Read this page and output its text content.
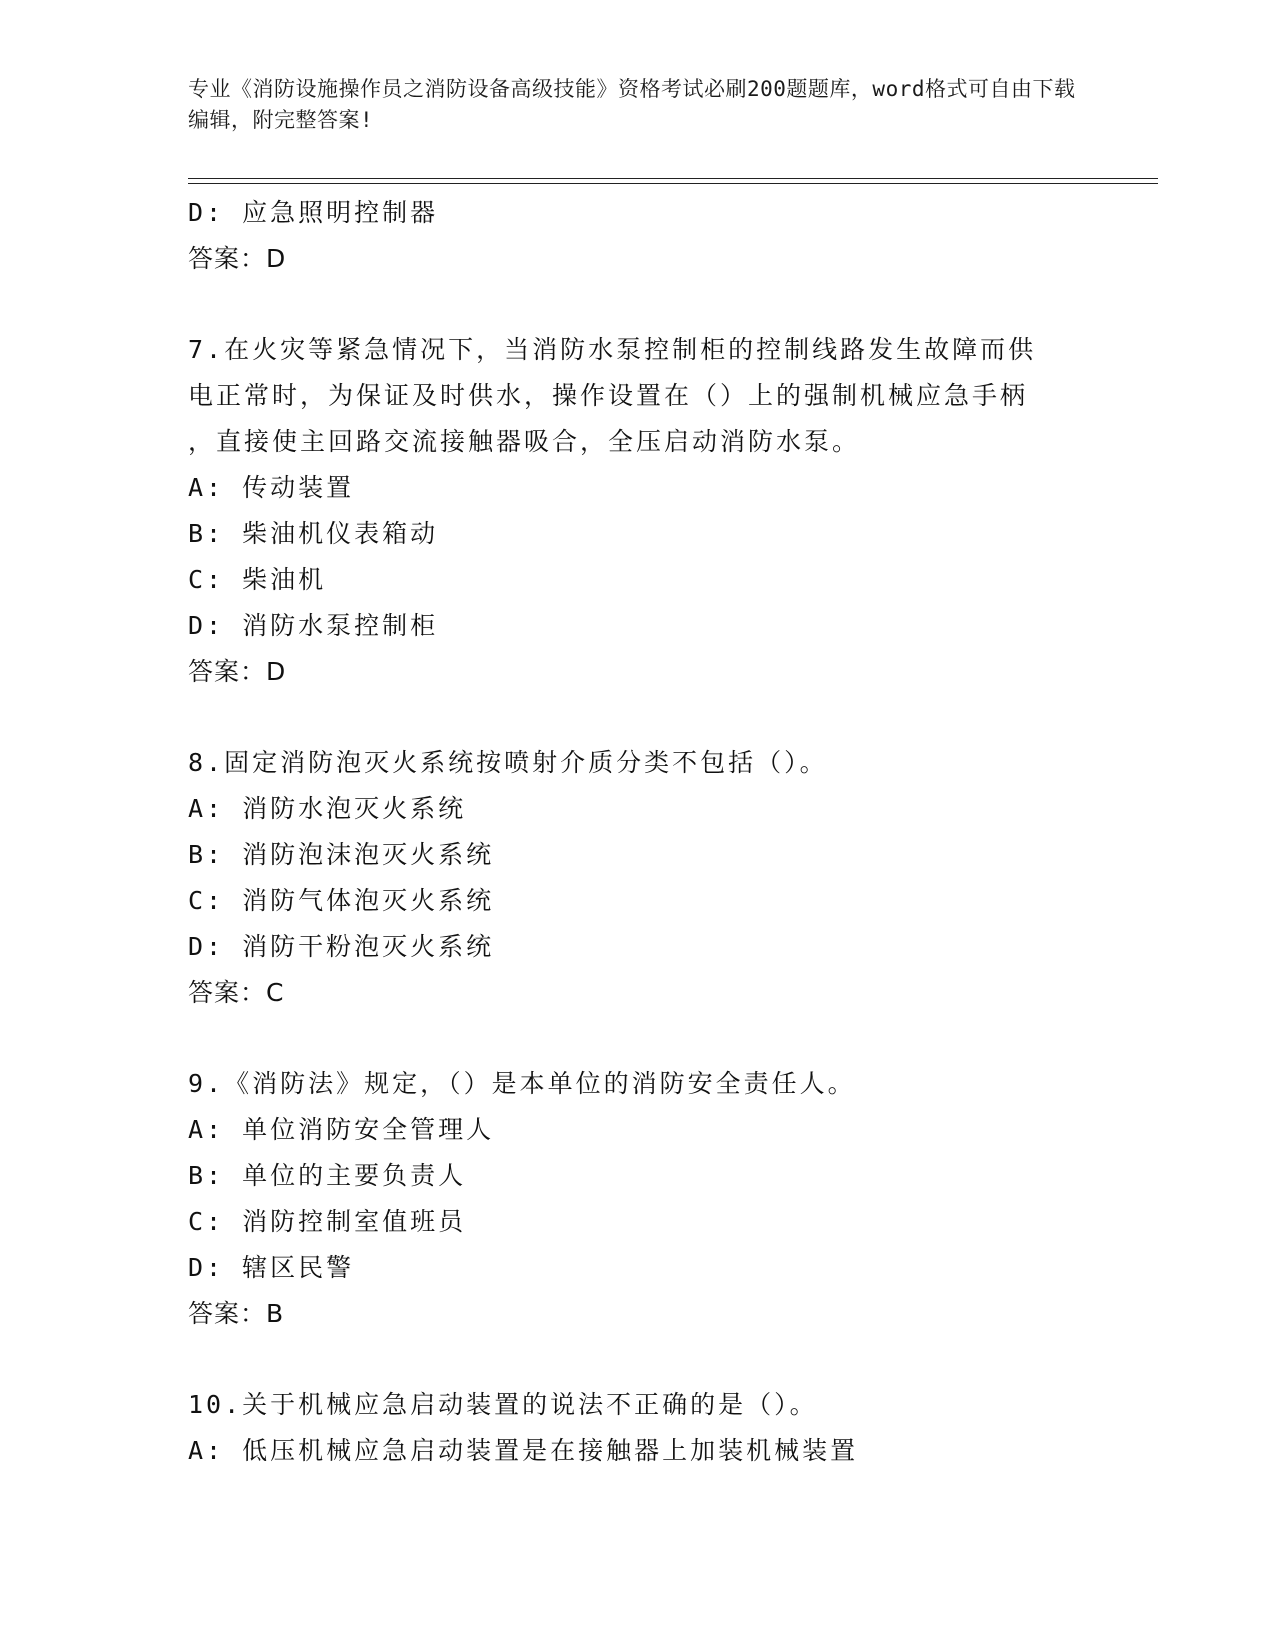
专业《消防设施操作员之消防设备高级技能》资格考试必刷200题题库，word格式可自由下载编辑，附完整答案!
D: 应急照明控制器
答案：D
7.在火灾等紧急情况下，当消防水泵控制柜的控制线路发生故障而供
电正常时，为保证及时供水，操作设置在（）上的强制机械应急手柄
，直接使主回路交流接触器吸合，全压启动消防水泵。
A: 传动装置
B: 柴油机仪表箱动
C: 柴油机
D: 消防水泵控制柜
答案：D
8.固定消防泡灭火系统按喷射介质分类不包括（）。
A: 消防水泡灭火系统
B: 消防泡沫泡灭火系统
C: 消防气体泡灭火系统
D: 消防干粉泡灭火系统
答案：C
9.《消防法》规定，（）是本单位的消防安全责任人。
A: 单位消防安全管理人
B: 单位的主要负责人
C: 消防控制室值班员
D: 辖区民警
答案：B
10.关于机械应急启动装置的说法不正确的是（）。
A: 低压机械应急启动装置是在接触器上加装机械装置
